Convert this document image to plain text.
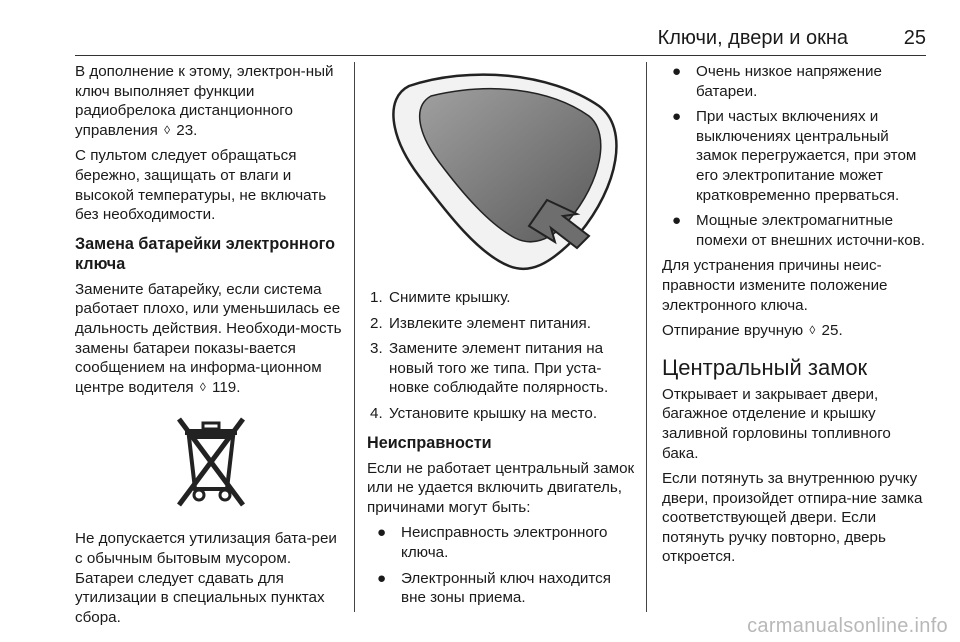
Ключи, двери и окна	25

В дополнение к этому, электрон-ный ключ выполняет функции радиобрелока дистанционного управления ◊ 23.

С пультом следует обращаться бережно, защищать от влаги и высокой температуры, не включать без необходимости.

Замена батарейки электронного ключа

Замените батарейку, если система работает плохо, или уменьшилась ее дальность действия. Необходи-мость замены батареи показы-вается сообщением на информа-ционном центре водителя ◊ 119.

Не допускается утилизация бата-реи с обычным бытовым мусором. Батареи следует сдавать для утилизации в специальных пунктах сбора.

1. Снимите крышку.
2. Извлеките элемент питания.
3. Замените элемент питания на новый того же типа. При уста-новке соблюдайте полярность.
4. Установите крышку на место.
Неисправности

Если не работает центральный замок или не удается включить двигатель, причинами могут быть:

● Неисправность электронного ключа.
● Электронный ключ находится вне зоны приема.
● Очень низкое напряжение батареи.
● При частых включениях и выключениях центральный замок перегружается, при этом его электропитание может кратковременно прерваться.
● Мощные электромагнитные помехи от внешних источни-ков.

Для устранения причины неис-правности измените положение электронного ключа.

Отпирание вручную ◊ 25.

Центральный замок

Открывает и закрывает двери, багажное отделение и крышку заливной горловины топливного бака.

Если потянуть за внутреннюю ручку двери, произойдет отпира-ние замка соответствующей двери. Если потянуть ручку повторно, дверь откроется.

carmanualsonline.info
